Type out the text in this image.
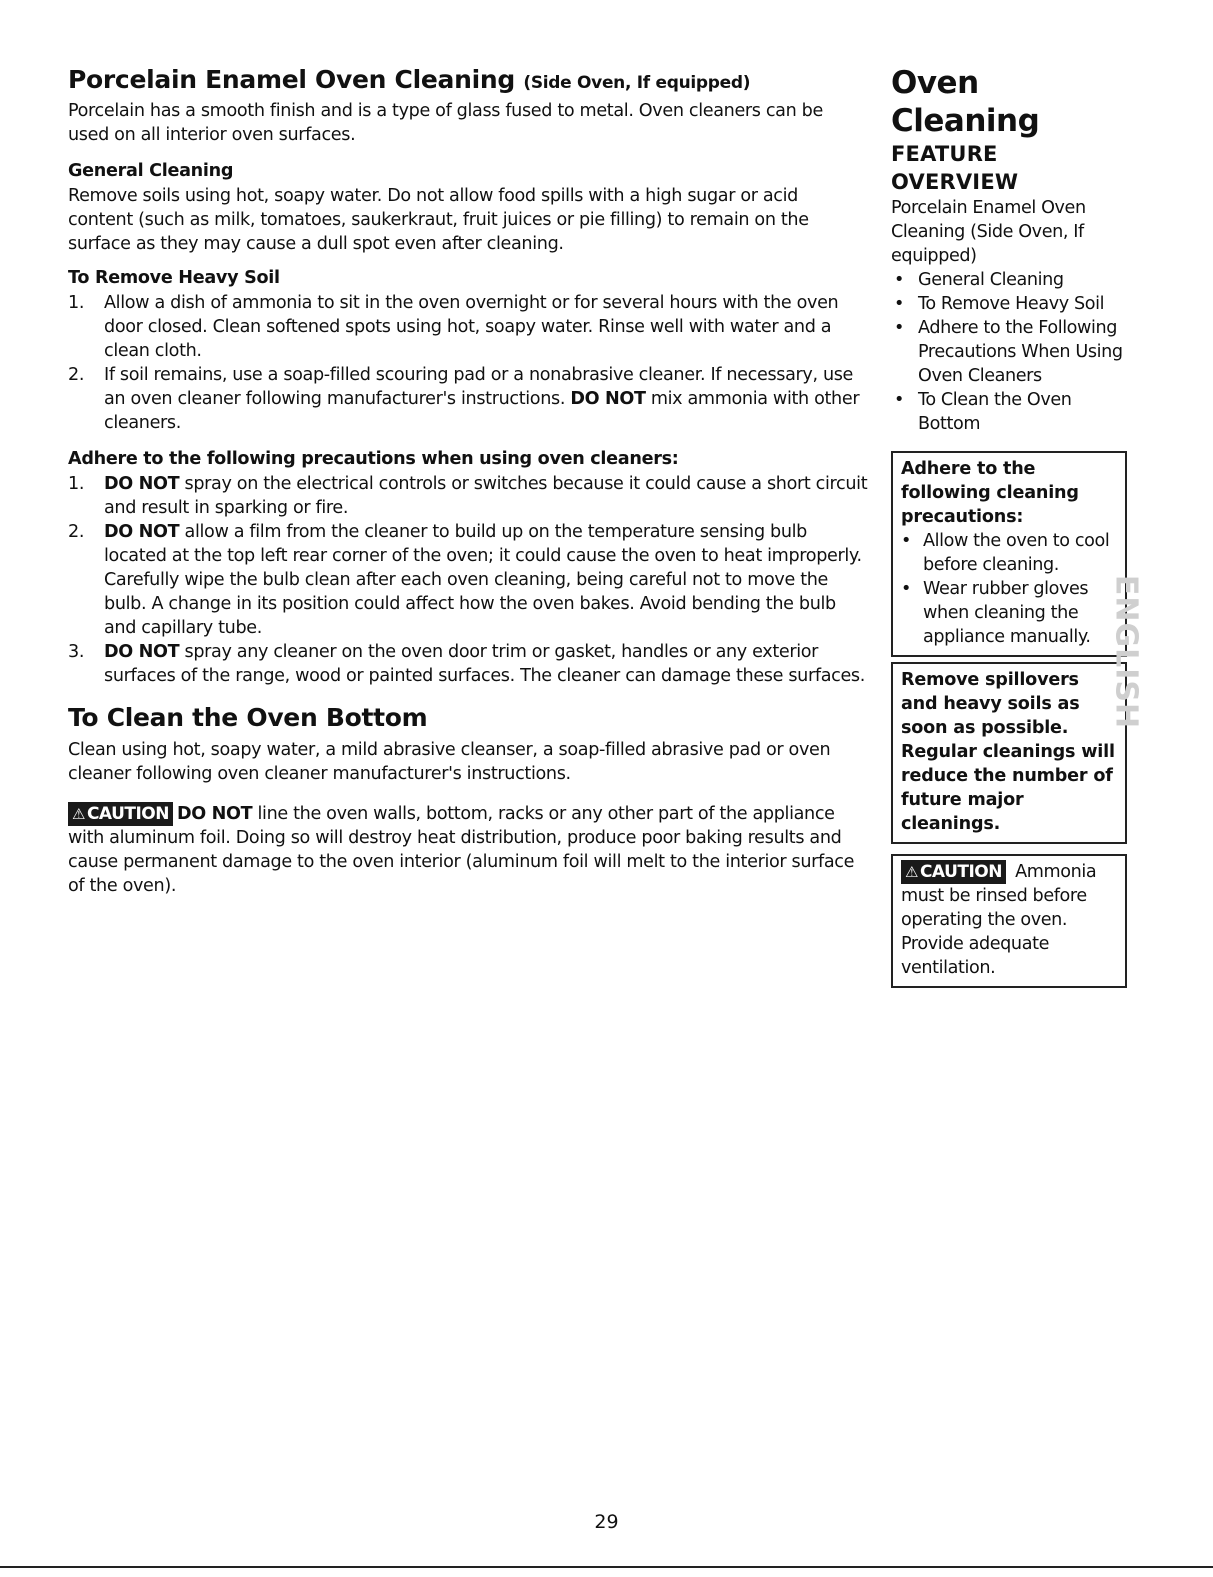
Porcelain Enamel Oven Cleaning (Side Oven, If equipped)

Porcelain has a smooth finish and is a type of glass fused to metal. Oven cleaners can be used on all interior oven surfaces.

General Cleaning

Remove soils using hot, soapy water. Do not allow food spills with a high sugar or acid content (such as milk, tomatoes, saukerkraut, fruit juices or pie filling) to remain on the surface as they may cause a dull spot even after cleaning.

To Remove Heavy Soil
1. Allow a dish of ammonia to sit in the oven overnight or for several hours with the oven door closed. Clean softened spots using hot, soapy water. Rinse well with water and a clean cloth.
2. If soil remains, use a soap-filled scouring pad or a nonabrasive cleaner. If necessary, use an oven cleaner following manufacturer's instructions. DO NOT mix ammonia with other cleaners.
Adhere to the following precautions when using oven cleaners:
1. DO NOT spray on the electrical controls or switches because it could cause a short circuit and result in sparking or fire.
2. DO NOT allow a film from the cleaner to build up on the temperature sensing bulb located at the top left rear corner of the oven; it could cause the oven to heat improperly. Carefully wipe the bulb clean after each oven cleaning, being careful not to move the bulb. A change in its position could affect how the oven bakes. Avoid bending the bulb and capillary tube.
3. DO NOT spray any cleaner on the oven door trim or gasket, handles or any exterior surfaces of the range, wood or painted surfaces. The cleaner can damage these surfaces.
To Clean the Oven Bottom

Clean using hot, soapy water, a mild abrasive cleanser, a soap-filled abrasive pad or oven cleaner following oven cleaner manufacturer's instructions.

⚠ CAUTION DO NOT line the oven walls, bottom, racks or any other part of the appliance with aluminum foil. Doing so will destroy heat distribution, produce poor baking results and cause permanent damage to the oven interior (aluminum foil will melt to the interior surface of the oven).

Oven Cleaning
FEATURE OVERVIEW

Porcelain Enamel Oven Cleaning (Side Oven, If equipped)

• General Cleaning
• To Remove Heavy Soil
• Adhere to the Following Precautions When Using Oven Cleaners
• To Clean the Oven Bottom

Adhere to the following cleaning precautions:

• Allow the oven to cool before cleaning.
• Wear rubber gloves when cleaning the appliance manually.

Remove spillovers and heavy soils as soon as possible. Regular cleanings will reduce the number of future major cleanings.

⚠ CAUTION Ammonia must be rinsed before operating the oven. Provide adequate ventilation.

ENGLISH
29
